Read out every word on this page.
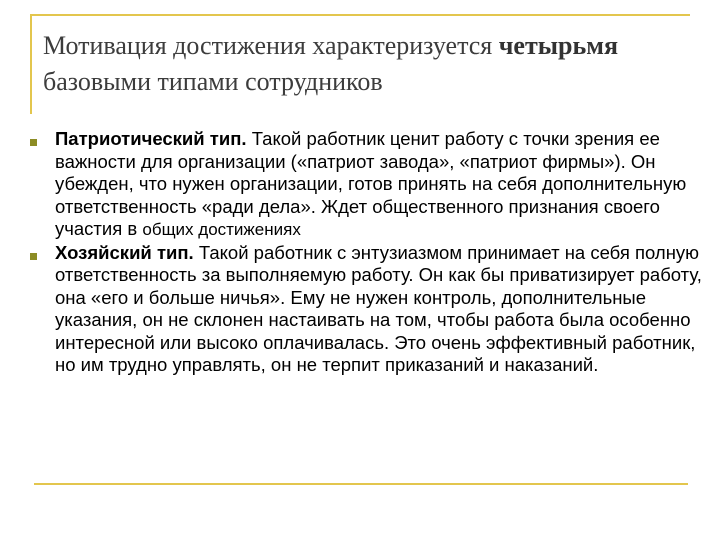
Мотивация достижения характеризуется четырьмя
базовыми типами сотрудников
Патриотический тип. Такой работник ценит работу с точки зрения ее важности для организации («патриот завода», «патриот фирмы»). Он убежден, что нужен организации, готов принять на себя дополнительную ответственность «ради дела». Ждет общественного признания своего участия в общих достижениях
Хозяйский тип. Такой работник с энтузиазмом принимает на себя полную ответственность за выполняемую работу. Он как бы приватизирует работу, она «его и больше ничья». Ему не нужен контроль, дополнительные указания, он не склонен настаивать на том, чтобы работа была особенно интересной или высоко оплачивалась. Это очень эффективный работник, но им трудно управлять, он не терпит приказаний и наказаний.
